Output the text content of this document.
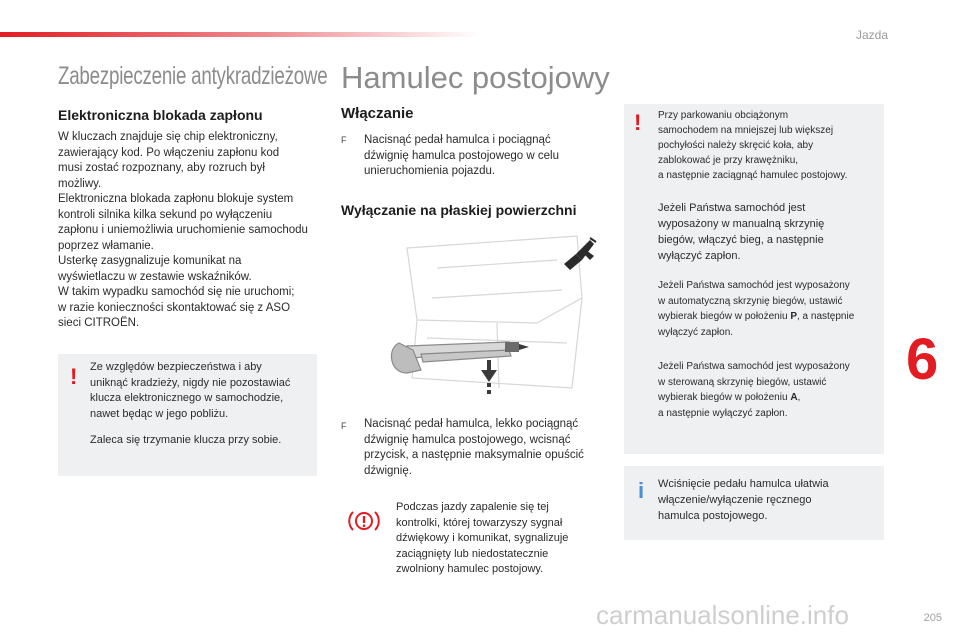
Jazda
6
205
Zabezpieczenie antykradzieżowe
Elektroniczna blokada zapłonu
W kluczach znajduje się chip elektroniczny,
zawierający kod. Po włączeniu zapłonu kod
musi zostać rozpoznany, aby rozruch był
możliwy.
Elektroniczna blokada zapłonu blokuje system
kontroli silnika kilka sekund po wyłączeniu
zapłonu i uniemożliwia uruchomienie samochodu
poprzez włamanie.
Usterkę zasygnalizuje komunikat na
wyświetlaczu w zestawie wskaźników.
W takim wypadku samochód się nie uruchomi;
w razie konieczności skontaktować się z ASO
sieci CITROËN.
! Ze względów bezpieczeństwa i aby
uniknąć kradzieży, nigdy nie pozostawiać
klucza elektronicznego w samochodzie,
nawet będąc w jego pobliżu.
Zaleca się trzymanie klucza przy sobie.
Hamulec postojowy
Włączanie
F Nacisnąć pedał hamulca i pociągnąć
dźwignię hamulca postojowego w celu
unieruchomienia pojazdu.
Wyłączanie na płaskiej powierzchni
F Nacisnąć pedał hamulca, lekko pociągnąć
dźwignię hamulca postojowego, wcisnąć
przycisk, a następnie maksymalnie opuścić
dźwignię.
Podczas jazdy zapalenie się tej
kontrolki, której towarzyszy sygnał
dźwiękowy i komunikat, sygnalizuje
zaciągnięty lub niedostatecznie
zwolniony hamulec postojowy.
! Przy parkowaniu obciążonym
samochodem na mniejszej lub większej
pochyłości należy skręcić koła, aby
zablokować je przy krawężniku,
a następnie zaciągnąć hamulec postojowy.
Jeżeli Państwa samochód jest
wyposażony w manualną skrzynię
biegów, włączyć bieg, a następnie
wyłączyć zapłon.
Jeżeli Państwa samochód jest wyposażony
w automatyczną skrzynię biegów, ustawić
wybierak biegów w położeniu P, a następnie
wyłączyć zapłon.
Jeżeli Państwa samochód jest wyposażony
w sterowaną skrzynię biegów, ustawić
wybierak biegów w położeniu A,
a następnie wyłączyć zapłon.
i Wciśnięcie pedału hamulca ułatwia
włączenie/wyłączenie ręcznego
hamulca postojowego.
carmanualsonline.info
